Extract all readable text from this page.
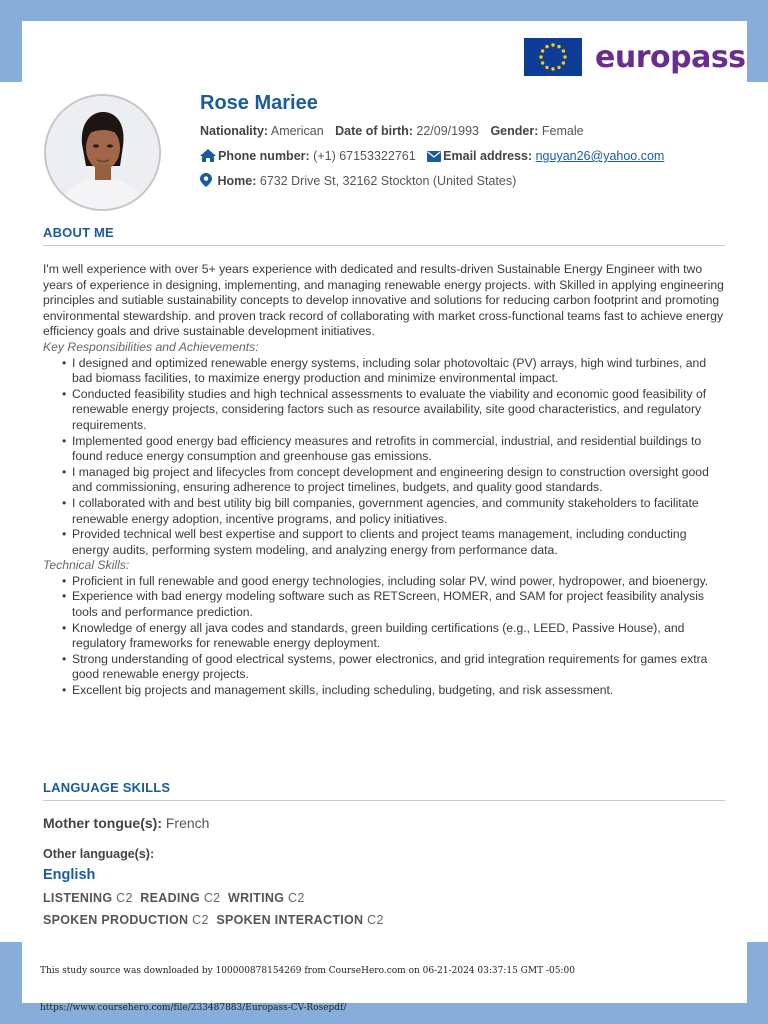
europass
Rose Mariee
Nationality: American Date of birth: 22/09/1993 Gender: Female
Phone number: (+1) 67153322761 Email address: nguyan26@yahoo.com
Home: 6732 Drive St, 32162 Stockton (United States)
ABOUT ME

I'm well experience with over 5+ years experience with dedicated and results-driven Sustainable Energy Engineer with two years of experience in designing, implementing, and managing renewable energy projects. with Skilled in applying engineering principles and sutiable sustainability concepts to develop innovative and solutions for reducing carbon footprint and promoting environmental stewardship. and proven track record of collaborating with market cross-functional teams fast to achieve energy efficiency goals and drive sustainable development initiatives.

Key Responsibilities and Achievements:
• I designed and optimized renewable energy systems, including solar photovoltaic (PV) arrays, high wind turbines, and bad biomass facilities, to maximize energy production and minimize environmental impact.
• Conducted feasibility studies and high technical assessments to evaluate the viability and economic good feasibility of renewable energy projects, considering factors such as resource availability, site good characteristics, and regulatory requirements.
• Implemented good energy bad efficiency measures and retrofits in commercial, industrial, and residential buildings to found reduce energy consumption and greenhouse gas emissions.
• I managed big project and lifecycles from concept development and engineering design to construction oversight good and commissioning, ensuring adherence to project timelines, budgets, and quality good standards.
• I collaborated with and best utility big bill companies, government agencies, and community stakeholders to facilitate renewable energy adoption, incentive programs, and policy initiatives.
• Provided technical well best expertise and support to clients and project teams management, including conducting energy audits, performing system modeling, and analyzing energy from performance data.
Technical Skills:
• Proficient in full renewable and good energy technologies, including solar PV, wind power, hydropower, and bioenergy.
• Experience with bad energy modeling software such as RETScreen, HOMER, and SAM for project feasibility analysis tools and performance prediction.
• Knowledge of energy all java codes and standards, green building certifications (e.g., LEED, Passive House), and regulatory frameworks for renewable energy deployment.
• Strong understanding of good electrical systems, power electronics, and grid integration requirements for games extra good renewable energy projects.
• Excellent big projects and management skills, including scheduling, budgeting, and risk assessment.
LANGUAGE SKILLS
Mother tongue(s): French
Other language(s):
English
LISTENING C2 READING C2 WRITING C2
SPOKEN PRODUCTION C2 SPOKEN INTERACTION C2
This study source was downloaded by 100000878154269 from CourseHero.com on 06-21-2024 03:37:15 GMT -05:00
https://www.coursehero.com/file/233487883/Europass-CV-Rosepdf/
